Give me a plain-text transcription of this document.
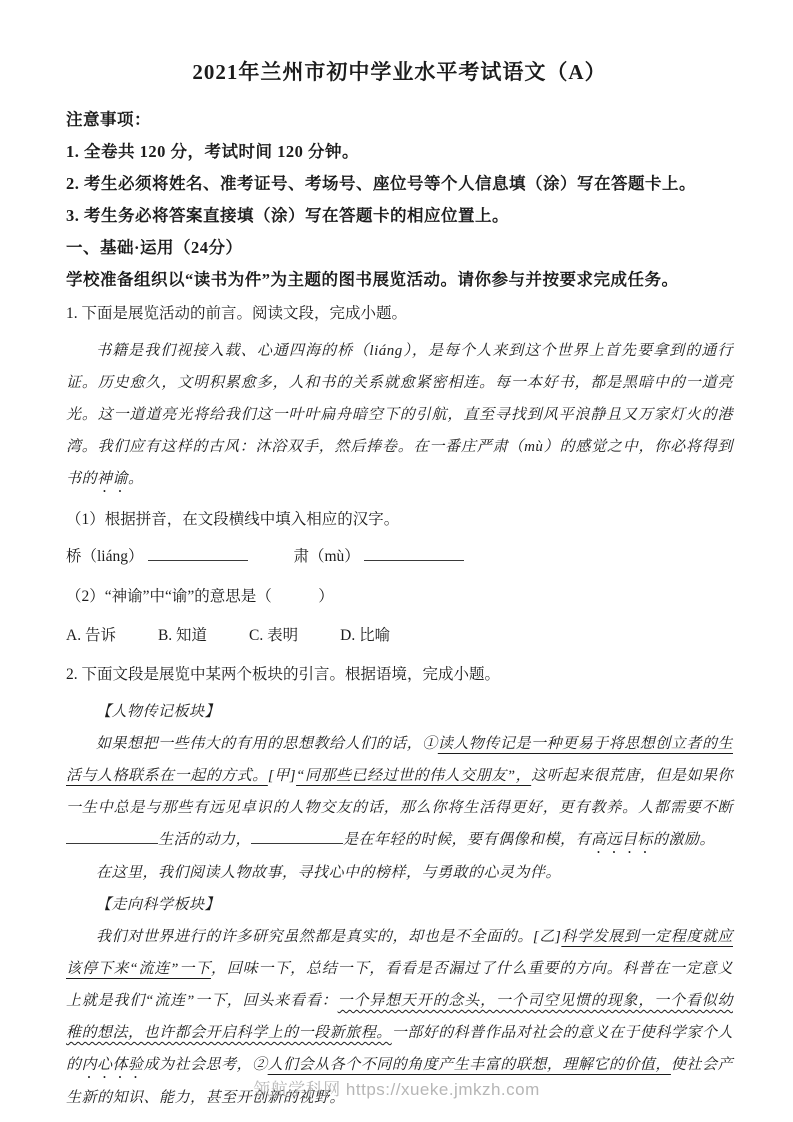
2021年兰州市初中学业水平考试语文（A）

注意事项：

1. 全卷共 120 分，考试时间 120 分钟。

2. 考生必须将姓名、准考证号、考场号、座位号等个人信息填（涂）写在答题卡上。

3. 考生务必将答案直接填（涂）写在答题卡的相应位置上。

一、基础·运用（24分）

学校准备组织以“读书为件”为主题的图书展览活动。请你参与并按要求完成任务。

1. 下面是展览活动的前言。阅读文段，完成小题。

书籍是我们视接入载、心通四海的桥（liáng），是每个人来到这个世界上首先要拿到的通行证。历史愈久，文明积累愈多，人和书的关系就愈紧密相连。每一本好书，都是黑暗中的一道亮光。这一道道亮光将给我们这一叶叶扁舟暗空下的引航，直至寻找到风平浪静且又万家灯火的港湾。我们应有这样的古风：沐浴双手，然后捧卷。在一番庄严肃（mù）的感觉之中，你必将得到书的神谕。

（1）根据拼音，在文段横线中填入相应的汉字。

桥（liáng）	肃（mù）

（2）“神谕”中“谕”的意思是（　　　）

A. 告诉	B. 知道	C. 表明	D. 比喻

2. 下面文段是展览中某两个板块的引言。根据语境，完成小题。

【人物传记板块】

如果想把一些伟大的有用的思想教给人们的话，①读人物传记是一种更易于将思想创立者的生活与人格联系在一起的方式。[甲]“同那些已经过世的伟人交朋友”，这听起来很荒唐，但是如果你一生中总是与那些有远见卓识的人物交友的话，那么你将生活得更好，更有教养。人都需要不断生活的动力，	是在年轻的时候，要有偶像和模，有高远目标的激励。

在这里，我们阅读人物故事，寻找心中的榜样，与勇敢的心灵为伴。

【走向科学板块】

我们对世界进行的许多研究虽然都是真实的，却也是不全面的。[乙]科学发展到一定程度就应该停下来“流连”一下，回味一下，总结一下，看看是否漏过了什么重要的方向。科普在一定意义上就是我们“流连”一下，回头来看看：一个异想天开的念头，一个司空见惯的现象，一个看似幼稚的想法，也许都会开启科学上的一段新旅程。一部好的科普作品对社会的意义在于使科学家个人的内心体验成为社会思考，②人们会从各个不同的角度产生丰富的联想，理解它的价值，使社会产生新的知识、能力，甚至开创新的视野。

领航学科网 https://xueke.jmkzh.com
